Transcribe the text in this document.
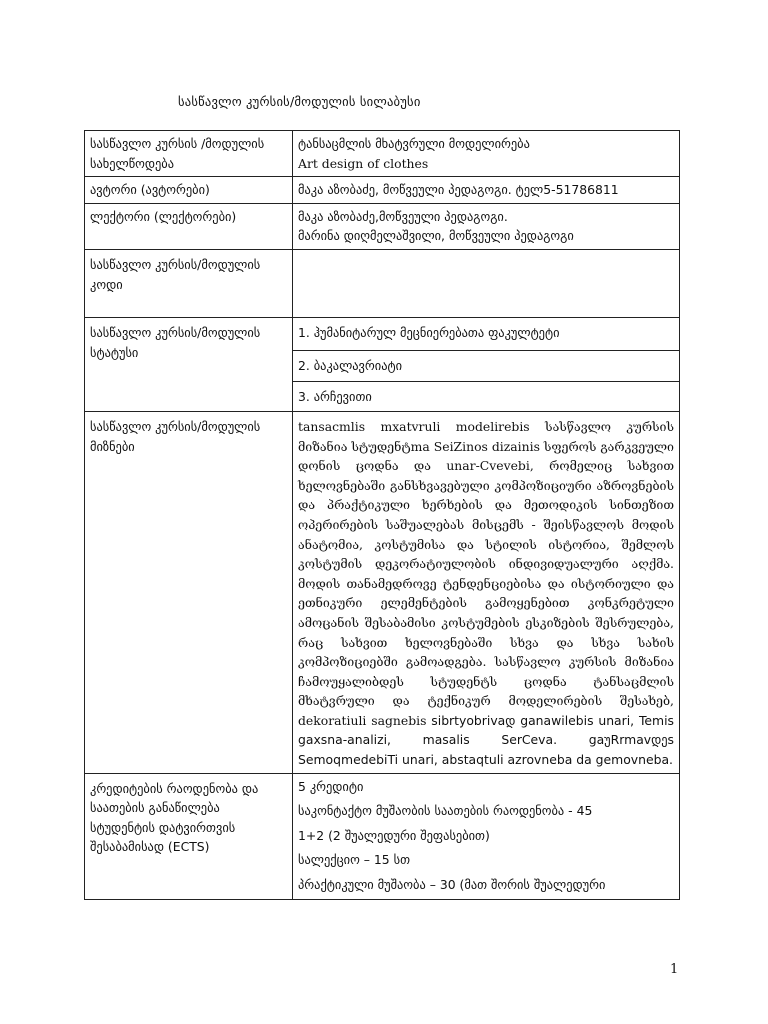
სასწავლო კურსის/მოდულის სილაბუსი
სასწავლო კურსის /მოდულის სახელწოდება	ტანსაცმლის მხატვრული მოდელირება
Art design of clothes

ავტორი (ავტორები)	მაკა აზობაძე, მოწვეული პედაგოგი. ტელ5-51786811
ლექტორი (ლექტორები)	მაკა აზობაძე,მოწვეული პედაგოგი.
მარინა დიღმელაშვილი, მოწვეული პედაგოგი

სასწავლო კურსის/მოდულის კოდი	
სასწავლო კურსის/მოდულის სტატუსი	1. ჰუმანიტარულ მეცნიერებათა ფაკულტეტი
	2. ბაკალავრიატი
	3. არჩევითი
სასწავლო კურსის/მოდულის მიზნები	tansacmlis mxatvruli modelirebis სასწავლო კურსის მიზანია სტუდენტma SeiZinos dizainis სფეროს გარკვეული დონის ცოდნა და unar-Cvevebi, რომელიც სახვით ხელოვნებაში განსხვავებული კომპოზიციური აზროვნების და პრაქტიკული ხერხების და მეთოდიკის სინთეზით ოპერირების საშუალებას მისცემს - შეისწავლოს მოდის ანატომია, კოსტუმისა და სტილის ისტორია, შემლოს კოსტუმის დეკორატიულობის ინდივიდუალური აღქმა. მოდის თანამედროვე ტენდენციებისა და ისტორიული და ეთნიკური ელემენტების გამოყენებით კონკრეტული ამოცანის შესაბამისი კოსტუმების ესკიზების შესრულება, რაც სახვით ხელოვნებაში სხვა და სხვა სახის კომპოზიციებში გამოადგება. სასწავლო კურსის მიზანია ჩამოუყალიბდეს სტუდენტს ცოდნა ტანსაცმლის მხატვრული და ტექნიკურ მოდელირების შესახებ, dekoratiuli sagnebis sibrtyobrivaდ ganawilebis unari, Temis gaxsna-analizi, masalis SerCeva. gaუRrmavდეs SemoqmedebiTi unari, abstaqtuli azrovneba da gemovneba.
კრედიტების რაოდენობა და საათების განაწილება სტუდენტის დატვირთვის შესაბამისად (ECTS)	5 კრედიტი
საკონტაქტო მუშაობის საათების რაოდენობა - 45
1+2 (2 შუალედური შეფასებით)
სალექციო – 15 სთ
პრაქტიკული მუშაობა – 30 (მათ შორის შუალედური
1
